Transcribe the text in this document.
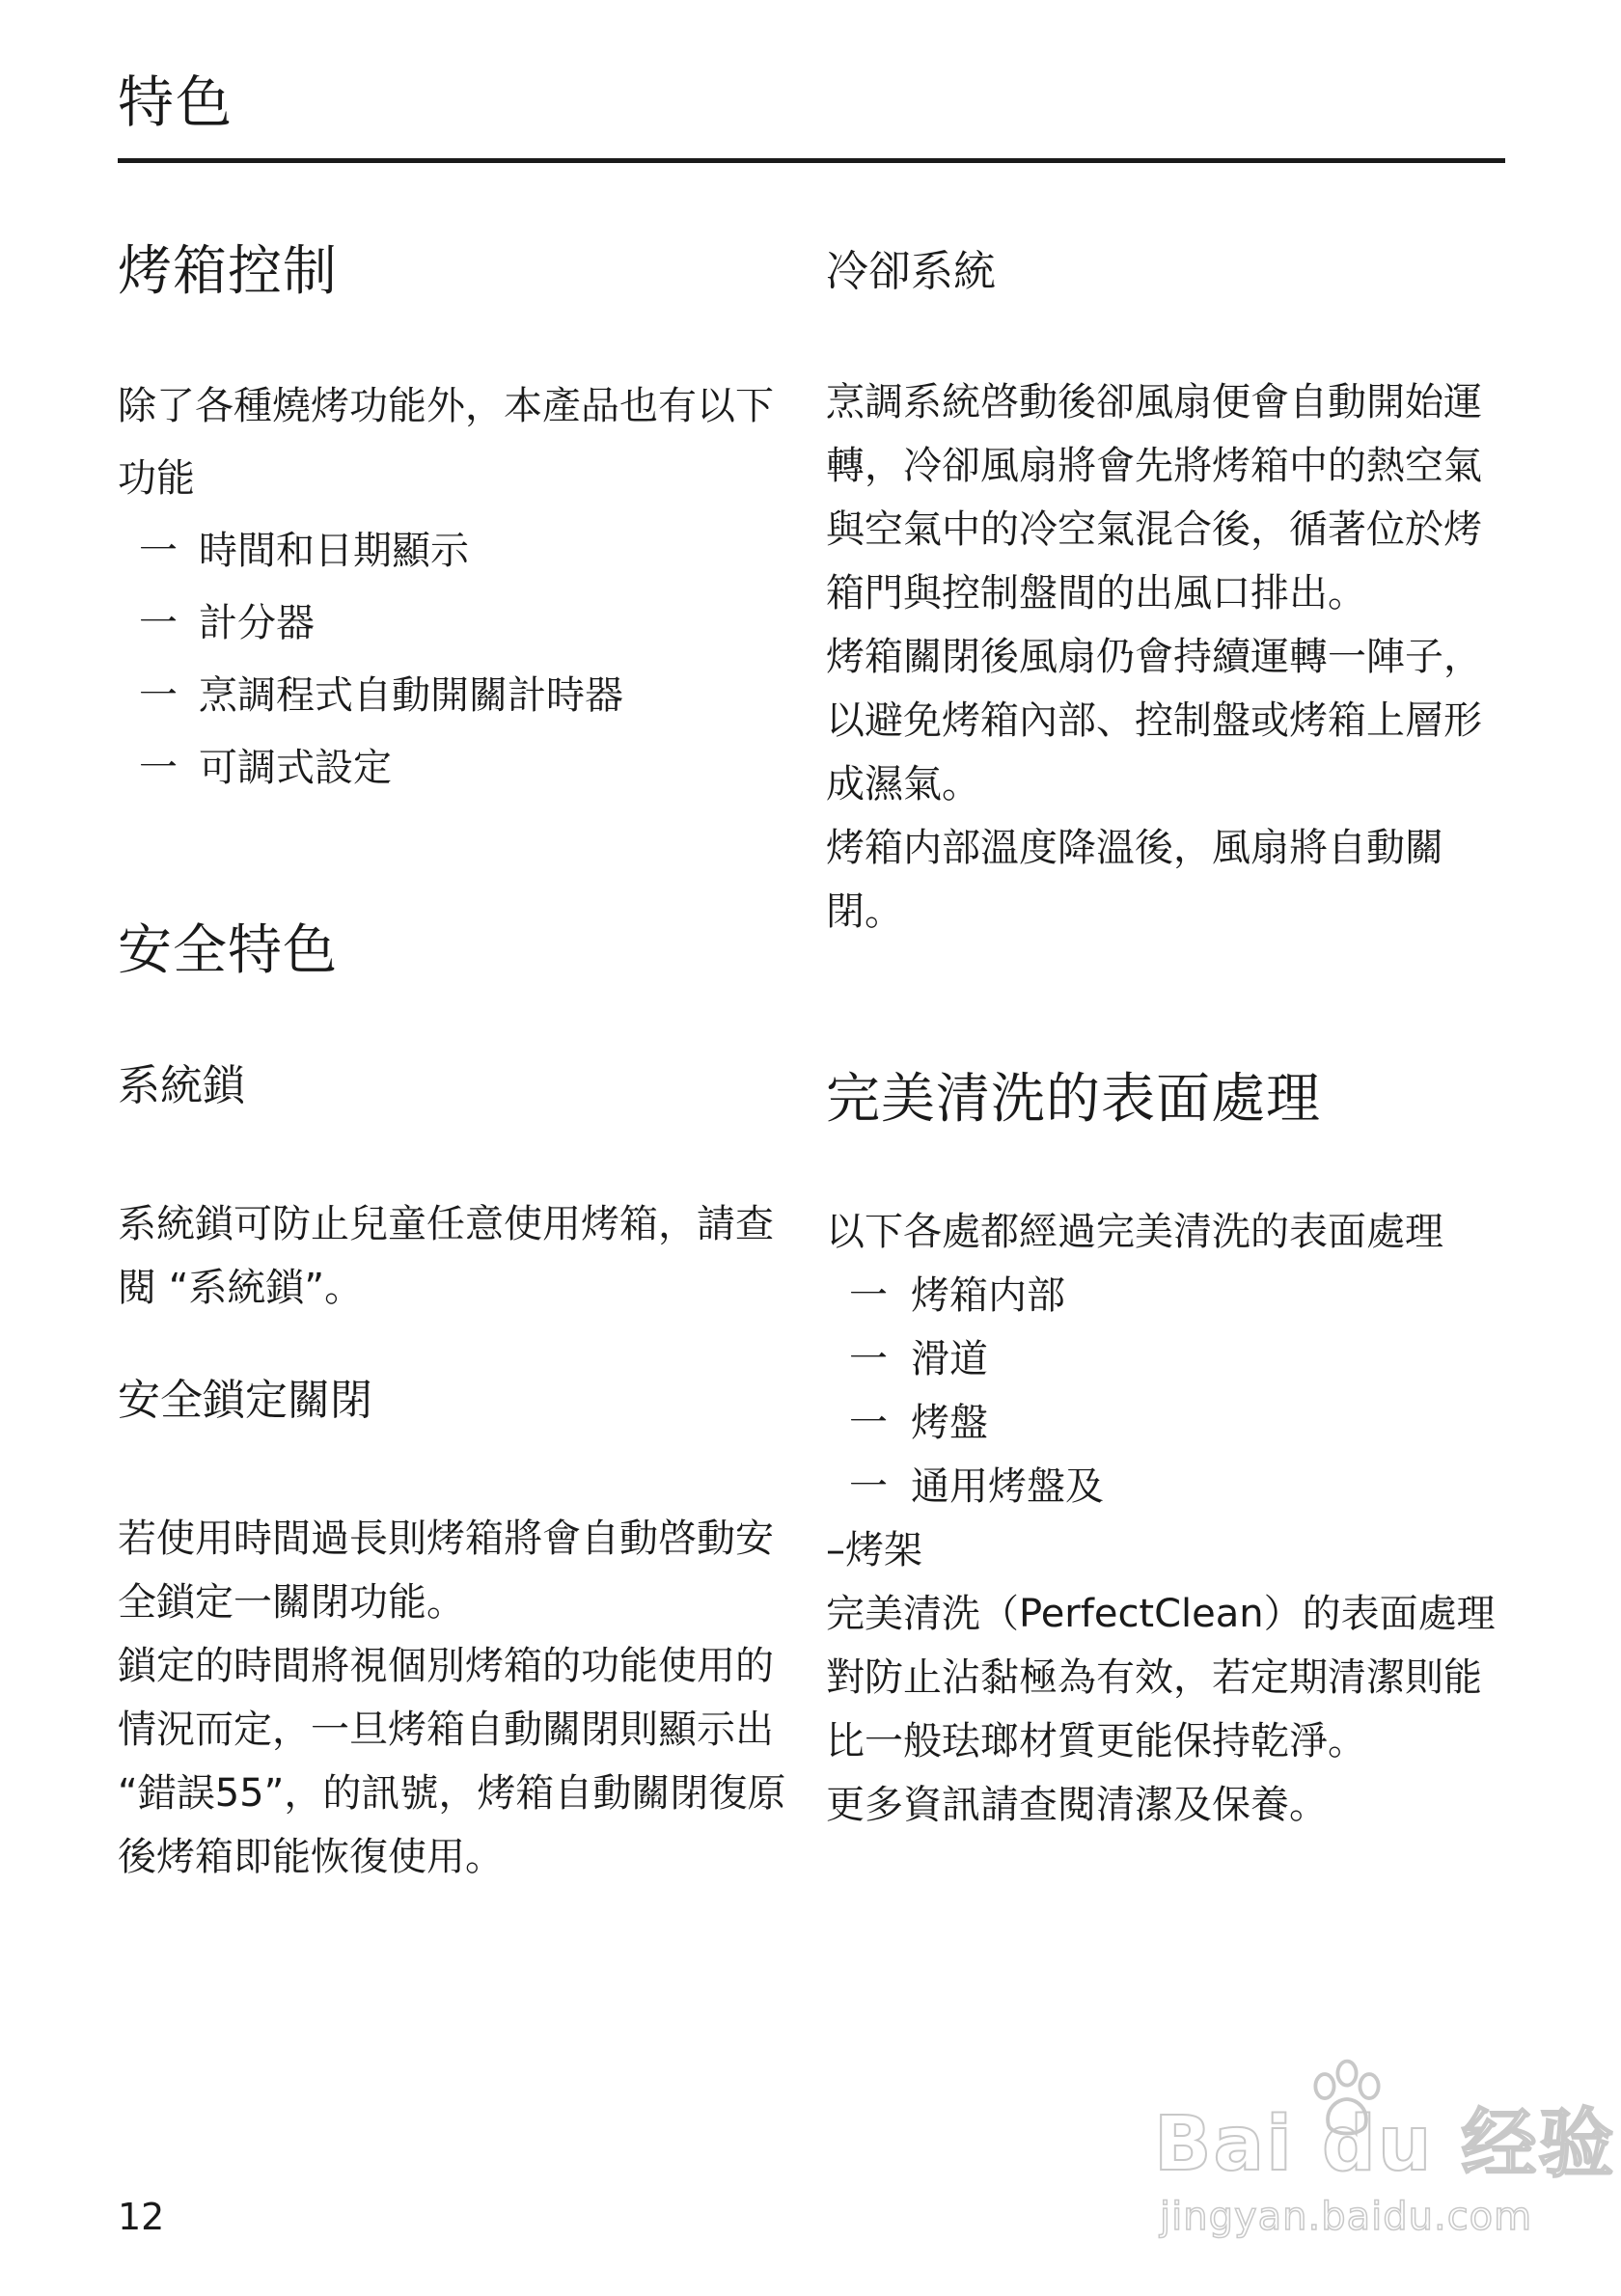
特色
烤箱控制

除了各種燒烤功能外，本產品也有以下功能

一 時間和日期顯示
一 計分器
一 烹調程式自動開關計時器
一 可調式設定
安全特色
系統鎖

系統鎖可防止兒童任意使用烤箱，請查閱 “系統鎖”。

安全鎖定關閉

若使用時間過長則烤箱將會自動啓動安全鎖定一關閉功能。

鎖定的時間將視個別烤箱的功能使用的情況而定，一旦烤箱自動關閉則顯示出 “錯誤55”，的訊號，烤箱自動關閉復原後烤箱即能恢復使用。

冷卻系統

烹調系統啓動後卻風扇便會自動開始運轉，冷卻風扇將會先將烤箱中的熱空氣與空氣中的冷空氣混合後，循著位於烤箱門與控制盤間的出風口排出。

烤箱關閉後風扇仍會持續運轉一陣子，以避免烤箱內部、控制盤或烤箱上層形成濕氣。

烤箱内部溫度降溫後，風扇將自動關閉。

完美清洗的表面處理

以下各處都經過完美清洗的表面處理

一 烤箱内部
一 滑道
一 烤盤
一 通用烤盤及

–烤架

完美清洗（PerfectClean）的表面處理對防止沾黏極為有效，若定期清潔則能比一般珐瑯材質更能保持乾淨。

更多資訊請查閱清潔及保養。

12
Bai du 经验
jingyan.baidu.com
